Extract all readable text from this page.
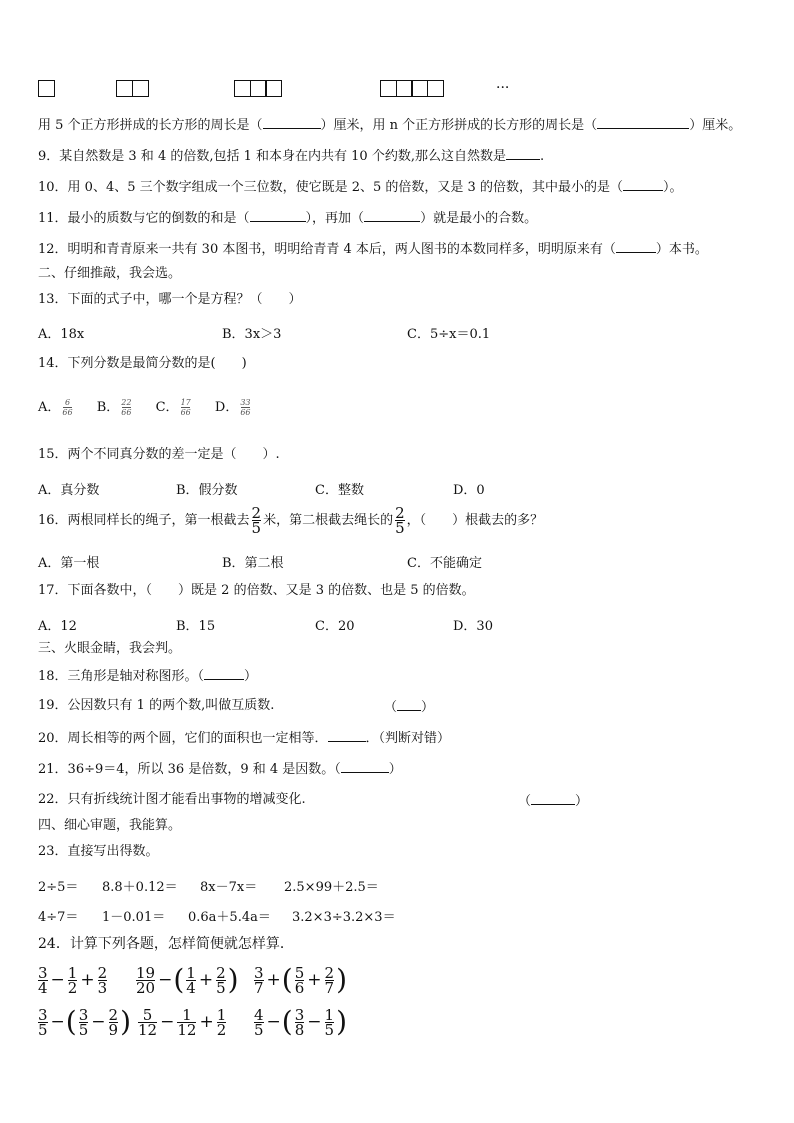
···
用 5 个正方形拼成的长方形的周长是（	）厘米，用 n 个正方形拼成的长方形的周长是（	）厘米。
9．某自然数是 3 和 4 的倍数,包括 1 和本身在内共有 10 个约数,那么这自然数是	.
10．用 0、4、5 三个数字组成一个三位数，使它既是 2、5 的倍数，又是 3 的倍数，其中最小的是（	）。
11．最小的质数与它的倒数的和是（	），再加（	）就是最小的合数。
12．明明和青青原来一共有 30 本图书，明明给青青 4 本后，两人图书的本数同样多，明明原来有（	）本书。
二、仔细推敲，我会选。
13．下面的式子中，哪一个是方程？（　　）
A．18x	B．3x＞3	C．5÷x＝0.1
14．下列分数是最简分数的是(　　)
A． $\frac{6}{66}$ B． $\frac{22}{66}$ C． $\frac{17}{66}$ D． $\frac{33}{66}$
15．两个不同真分数的差一定是（　　）.
A．真分数	B．假分数	C．整数	D．0
16．两根同样长的绳子，第一根截去 $\frac{2}{5}$ 米，第二根截去绳长的 $\frac{2}{5}$ ，（　　）根截去的多？
A．第一根	B．第二根	C．不能确定
17．下面各数中，（　　）既是 2 的倍数、又是 3 的倍数、也是 5 的倍数。
A．12	B．15	C．20	D．30
三、火眼金睛，我会判。
18．三角形是轴对称图形。（	）
19．公因数只有 1 的两个数,叫做互质数.	（ ）
20．周长相等的两个圆，它们的面积也一定相等．	．（判断对错）
21．36÷9＝4，所以 36 是倍数，9 和 4 是因数。（	）
22．只有折线统计图才能看出事物的增减变化.	（	）
四、细心审题，我能算。
23．直接写出得数。
2÷5＝ 8.8＋0.12＝ 8x－7x＝ 2.5×99＋2.5＝
4÷7＝ 1－0.01＝ 0.6a＋5.4a＝ 3.2×3÷3.2×3＝
24．计算下列各题，怎样简便就怎样算．
$\frac{3}{4} - \frac{1}{2} + \frac{2}{3} \frac{19}{20}$ −( $\frac{1}{4} + \frac{2}{5}$ ) $\frac{3}{7}$ +( $\frac{5}{6} + \frac{2}{7}$ )
$\frac{3}{5}$ −( $\frac{3}{5} - \frac{2}{9}$ ) $\frac{5}{12} - \frac{1}{12} + \frac{1}{2} \frac{4}{5}$ −( $\frac{3}{8} - \frac{1}{5}$ )
